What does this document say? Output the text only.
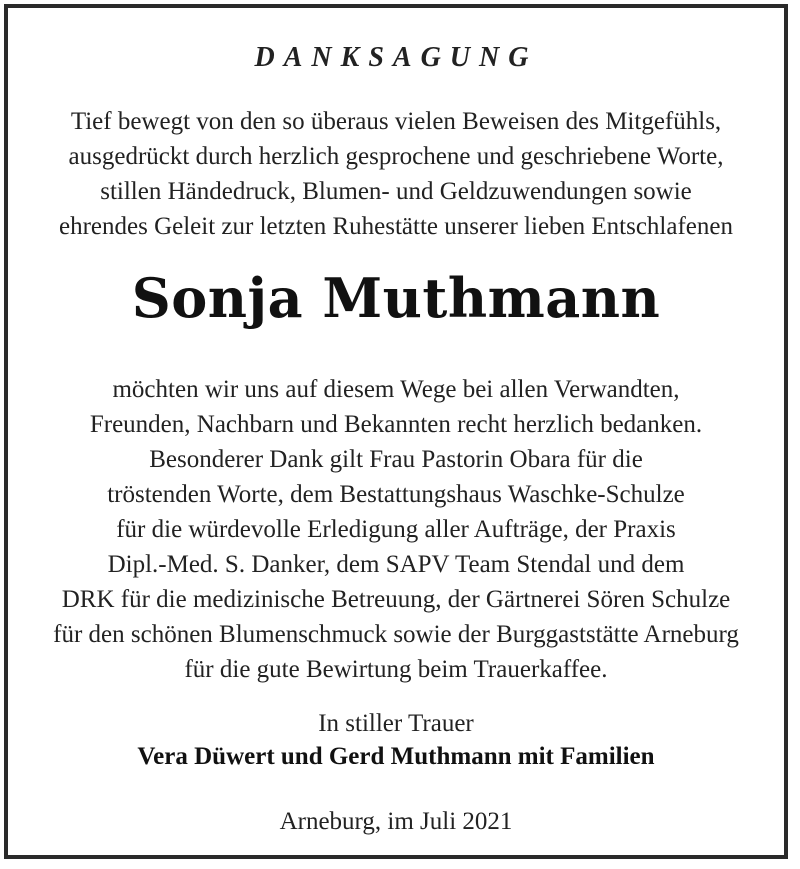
DANKSAGUNG
Tief bewegt von den so überaus vielen Beweisen des Mitgefühls,
ausgedrückt durch herzlich gesprochene und geschriebene Worte,
stillen Händedruck, Blumen- und Geldzuwendungen sowie
ehrendes Geleit zur letzten Ruhestätte unserer lieben Entschlafenen
Sonja Muthmann
möchten wir uns auf diesem Wege bei allen Verwandten,
Freunden, Nachbarn und Bekannten recht herzlich bedanken.
Besonderer Dank gilt Frau Pastorin Obara für die
tröstenden Worte, dem Bestattungshaus Waschke-Schulze
für die würdevolle Erledigung aller Aufträge, der Praxis
Dipl.-Med. S. Danker, dem SAPV Team Stendal und dem
DRK für die medizinische Betreuung, der Gärtnerei Sören Schulze
für den schönen Blumenschmuck sowie der Burggaststätte Arneburg
für die gute Bewirtung beim Trauerkaffee.
In stiller Trauer
Vera Düwert und Gerd Muthmann mit Familien
Arneburg, im Juli 2021
